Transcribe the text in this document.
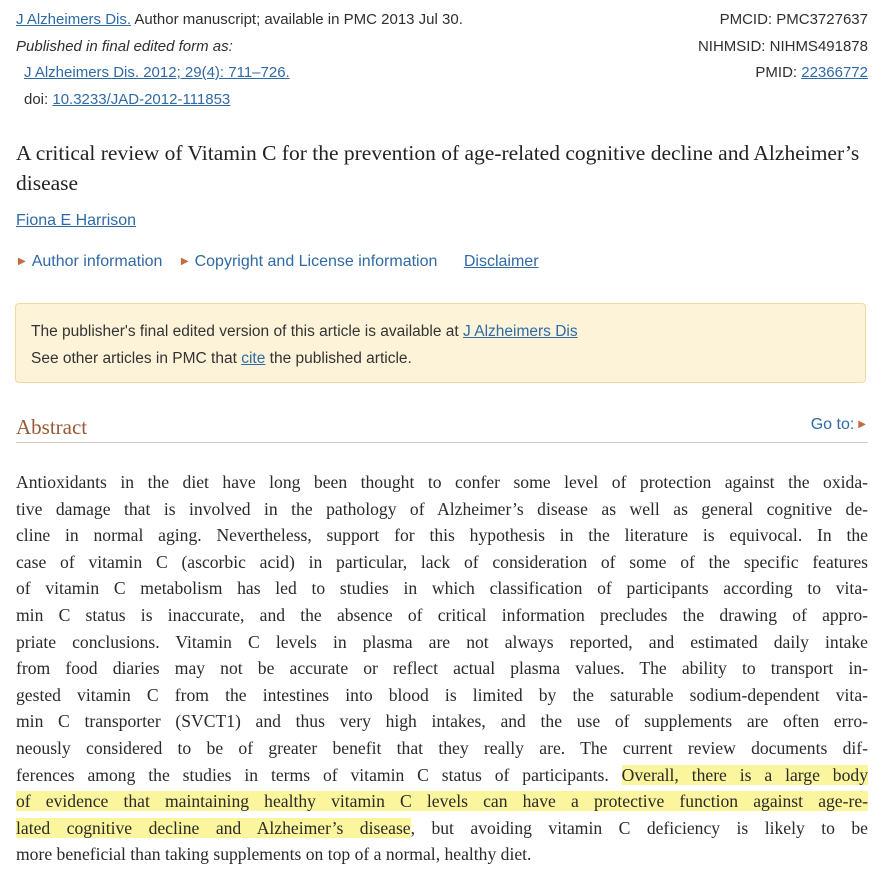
J Alzheimers Dis. Author manuscript; available in PMC 2013 Jul 30.
Published in final edited form as:
J Alzheimers Dis. 2012; 29(4): 711–726.
doi: 10.3233/JAD-2012-111853
PMCID: PMC3727637
NIHMSID: NIHMS491878
PMID: 22366772
A critical review of Vitamin C for the prevention of age-related cognitive decline and Alzheimer’s disease
Fiona E Harrison
▶ Author information ▶ Copyright and License information Disclaimer
The publisher's final edited version of this article is available at J Alzheimers Dis
See other articles in PMC that cite the published article.
Abstract	Go to: ▶
Antioxidants in the diet have long been thought to confer some level of protection against the oxida-
tive damage that is involved in the pathology of Alzheimer’s disease as well as general cognitive de-
cline in normal aging. Nevertheless, support for this hypothesis in the literature is equivocal. In the
case of vitamin C (ascorbic acid) in particular, lack of consideration of some of the specific features
of vitamin C metabolism has led to studies in which classification of participants according to vita-
min C status is inaccurate, and the absence of critical information precludes the drawing of appro-
priate conclusions. Vitamin C levels in plasma are not always reported, and estimated daily intake
from food diaries may not be accurate or reflect actual plasma values. The ability to transport in-
gested vitamin C from the intestines into blood is limited by the saturable sodium-dependent vita-
min C transporter (SVCT1) and thus very high intakes, and the use of supplements are often erro-
neously considered to be of greater benefit that they really are. The current review documents dif-
ferences among the studies in terms of vitamin C status of participants. Overall, there is a large body
of evidence that maintaining healthy vitamin C levels can have a protective function against age-re-
lated cognitive decline and Alzheimer’s disease, but avoiding vitamin C deficiency is likely to be
more beneficial than taking supplements on top of a normal, healthy diet.
